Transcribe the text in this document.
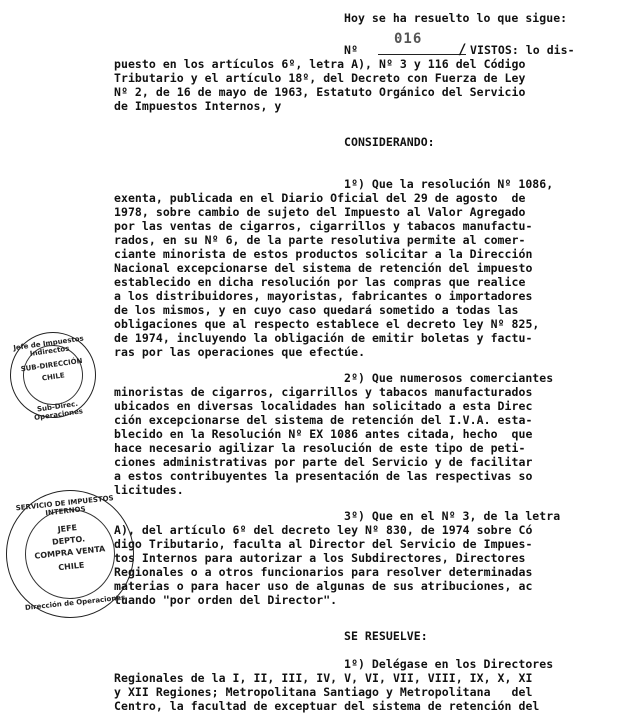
Hoy se ha resuelto lo que sigue:
Nº
016
/ VISTOS: lo dis-
puesto en los artículos 6º, letra A), Nº 3 y 116 del Código
Tributario y el artículo 18º, del Decreto con Fuerza de Ley
Nº 2, de 16 de mayo de 1963, Estatuto Orgánico del Servicio
de Impuestos Internos, y
CONSIDERANDO:
1º) Que la resolución Nº 1086,
exenta, publicada en el Diario Oficial del 29 de agosto  de
1978, sobre cambio de sujeto del Impuesto al Valor Agregado
por las ventas de cigarros, cigarrillos y tabacos manufactu-
rados, en su Nº 6, de la parte resolutiva permite al comer-
ciante minorista de estos productos solicitar a la Dirección
Nacional excepcionarse del sistema de retención del impuesto
establecido en dicha resolución por las compras que realice
a los distribuidores, mayoristas, fabricantes o importadores
de los mismos, y en cuyo caso quedará sometido a todas las
obligaciones que al respecto establece el decreto ley Nº 825,
de 1974, incluyendo la obligación de emitir boletas y factu-
ras por las operaciones que efectúe.
2º) Que numerosos comerciantes
minoristas de cigarros, cigarrillos y tabacos manufacturados
ubicados en diversas localidades han solicitado a esta Direc
ción excepcionarse del sistema de retención del I.V.A. esta-
blecido en la Resolución Nº EX 1086 antes citada, hecho  que
hace necesario agilizar la resolución de este tipo de peti-
ciones administrativas por parte del Servicio y de facilitar
a estos contribuyentes la presentación de las respectivas so
licitudes.
3º) Que en el Nº 3, de la letra
A), del artículo 6º del decreto ley Nº 830, de 1974 sobre Có
digo Tributario, faculta al Director del Servicio de Impues-
tos Internos para autorizar a los Subdirectores, Directores
Regionales o a otros funcionarios para resolver determinadas
materias o para hacer uso de algunas de sus atribuciones, ac
tuando "por orden del Director".
SE RESUELVE:
1º) Delégase en los Directores
Regionales de la I, II, III, IV, V, VI, VII, VIII, IX, X, XI
y XII Regiones; Metropolitana Santiago y Metropolitana   del
Centro, la facultad de exceptuar del sistema de retención del
Jefe de Impuestos Indirectos
SUB-DIRECCIÓN
CHILE
Sub-Direc. Operaciones
SERVICIO DE IMPUESTOS INTERNOS
JEFE
DEPTO.
COMPRA VENTA
CHILE
Dirección de Operaciones
